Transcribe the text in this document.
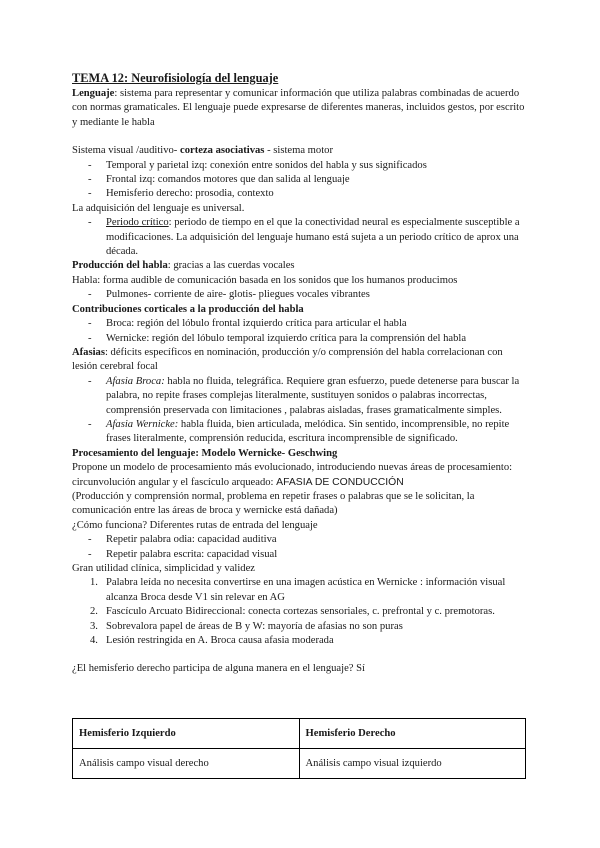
TEMA 12: Neurofisiología del lenguaje

Lenguaje: sistema para representar y comunicar información que utiliza palabras combinadas de acuerdo con normas gramaticales. El lenguaje puede expresarse de diferentes maneras, incluidos gestos, por escrito y mediante le habla

Sistema visual /auditivo- corteza asociativas - sistema motor

- Temporal y parietal izq: conexión entre sonidos del habla y sus significados
- Frontal izq: comandos motores que dan salida al lenguaje
- Hemisferio derecho: prosodia, contexto

La adquisición del lenguaje es universal.

- Periodo crítico: periodo de tiempo en el que la conectividad neural es especialmente susceptible a modificaciones. La adquisición del lenguaje humano está sujeta a un periodo crítico de aprox una década.

Producción del habla: gracias a las cuerdas vocales

Habla: forma audible de comunicación basada en los sonidos que los humanos producimos

- Pulmones- corriente de aire- glotis- pliegues vocales vibrantes

Contribuciones corticales a la producción del habla

- Broca: región del lóbulo frontal izquierdo crítica para articular el habla
- Wernicke: región del lóbulo temporal izquierdo crítica para la comprensión del habla

Afasias: déficits específicos en nominación, producción y/o comprensión del habla correlacionan con lesión cerebral focal

- Afasia Broca: habla no fluida, telegráfica. Requiere gran esfuerzo, puede detenerse para buscar la palabra, no repite frases complejas literalmente, sustituyen sonidos o palabras incorrectas, comprensión preservada con limitaciones , palabras aisladas, frases gramaticalmente simples.
- Afasia Wernicke: habla fluida, bien articulada, melódica. Sin sentido, incomprensible, no repite frases literalmente, comprensión reducida, escritura incomprensible de significado.

Procesamiento del lenguaje: Modelo Wernicke- Geschwing

Propone un modelo de procesamiento más evolucionado, introduciendo nuevas áreas de procesamiento: circunvolución angular y el fascículo arqueado: AFASIA DE CONDUCCIÓN

(Producción y comprensión normal, problema en repetir frases o palabras que se le solicitan, la comunicación entre las áreas de broca y wernicke está dañada)

¿Cómo funciona? Diferentes rutas de entrada del lenguaje

- Repetir palabra odia: capacidad auditiva
- Repetir palabra escrita: capacidad visual

Gran utilidad clínica, simplicidad y validez

1. Palabra leída no necesita convertirse en una imagen acústica en Wernicke : información visual alcanza Broca desde V1 sin relevar en AG
2. Fascículo Arcuato Bidireccional: conecta cortezas sensoriales, c. prefrontal y c. premotoras.
3. Sobrevalora papel de áreas de B y W: mayoría de afasias no son puras
4. Lesión restringida en A. Broca causa afasia moderada

¿El hemisferio derecho participa de alguna manera en el lenguaje? Sí

Hemisferio Izquierdo	Hemisferio Derecho
Análisis campo visual derecho	Análisis campo visual izquierdo
